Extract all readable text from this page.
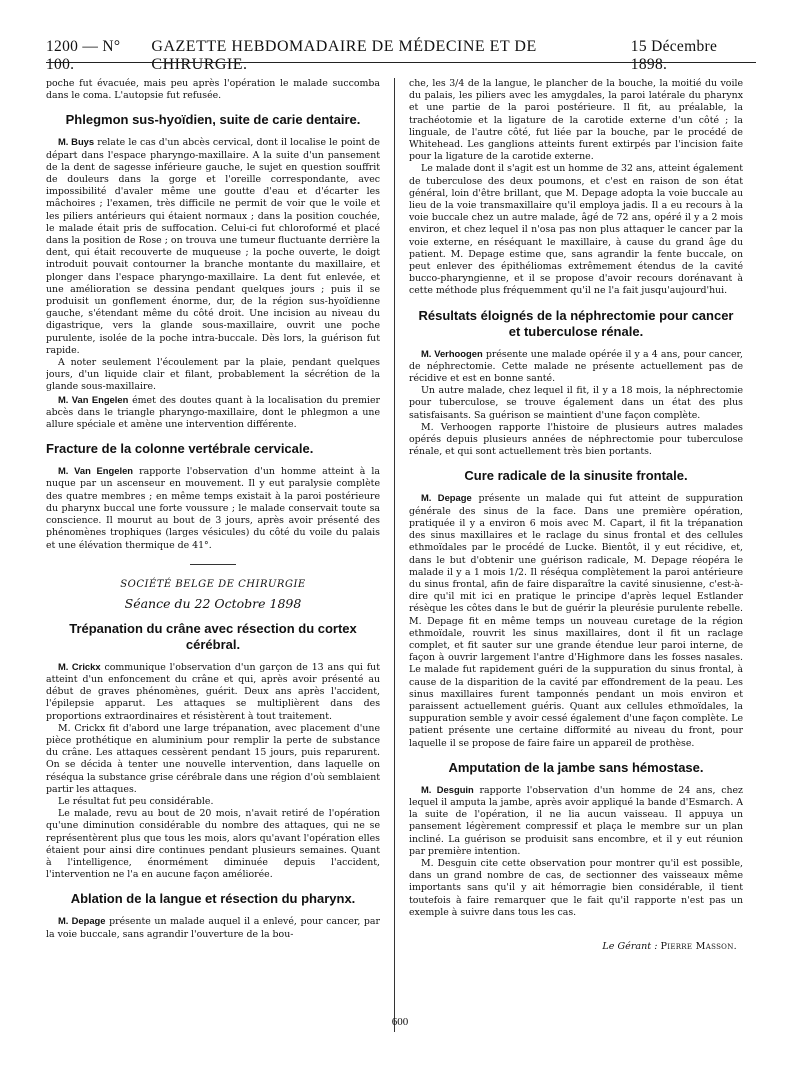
1200 — N° 100.
GAZETTE HEBDOMADAIRE DE MÉDECINE ET DE CHIRURGIE.
15 Décembre 1898.

poche fut évacuée, mais peu après l'opération le malade succomba dans le coma. L'autopsie fut refusée.

Phlegmon sus-hyoïdien, suite de carie dentaire.

M. Buys relate le cas d'un abcès cervical, dont il localise le point de départ dans l'espace pharyngo-maxillaire. A la suite d'un pansement de la dent de sagesse inférieure gauche, le sujet en question souffrit de douleurs dans la gorge et l'oreille correspondante, avec impossibilité d'avaler même une goutte d'eau et d'écarter les mâchoires ; l'examen, très difficile ne permit de voir que le voile et les piliers antérieurs qui étaient normaux ; dans la position couchée, le malade était pris de suffocation. Celui-ci fut chloroformé et placé dans la position de Rose ; on trouva une tumeur fluctuante derrière la dent, qui était recouverte de muqueuse ; la poche ouverte, le doigt introduit pouvait contourner la branche montante du maxillaire, et plonger dans l'espace pharyngo-maxillaire. La dent fut enlevée, et une amélioration se dessina pendant quelques jours ; puis il se produisit un gonflement énorme, dur, de la région sus-hyoïdienne gauche, s'étendant même du côté droit. Une incision au niveau du digastrique, vers la glande sous-maxillaire, ouvrit une poche purulente, isolée de la poche intra-buccale. Dès lors, la guérison fut rapide.

A noter seulement l'écoulement par la plaie, pendant quelques jours, d'un liquide clair et filant, probablement la sécrétion de la glande sous-maxillaire.

M. Van Engelen émet des doutes quant à la localisation du premier abcès dans le triangle pharyngo-maxillaire, dont le phlegmon a une allure spéciale et amène une intervention différente.

Fracture de la colonne vertébrale cervicale.

M. Van Engelen rapporte l'observation d'un homme atteint à la nuque par un ascenseur en mouvement. Il y eut paralysie complète des quatre membres ; en même temps existait à la paroi postérieure du pharynx buccal une forte voussure ; le malade conservait toute sa conscience. Il mourut au bout de 3 jours, après avoir présenté des phénomènes trophiques (larges vésicules) du côté du voile du palais et une élévation thermique de 41°.

SOCIÉTÉ BELGE DE CHIRURGIE
Séance du 22 Octobre 1898
Trépanation du crâne avec résection du cortex cérébral.

M. Crickx communique l'observation d'un garçon de 13 ans qui fut atteint d'un enfoncement du crâne et qui, après avoir présenté au début de graves phénomènes, guérit. Deux ans après l'accident, l'épilepsie apparut. Les attaques se multiplièrent dans des proportions extraordinaires et résistèrent à tout traitement.

M. Crickx fit d'abord une large trépanation, avec placement d'une pièce prothétique en aluminium pour remplir la perte de substance du crâne. Les attaques cessèrent pendant 15 jours, puis reparurent. On se décida à tenter une nouvelle intervention, dans laquelle on réséqua la substance grise cérébrale dans une région d'où semblaient partir les attaques.

Le résultat fut peu considérable.

Le malade, revu au bout de 20 mois, n'avait retiré de l'opération qu'une diminution considérable du nombre des attaques, qui ne se représentèrent plus que tous les mois, alors qu'avant l'opération elles étaient pour ainsi dire continues pendant plusieurs semaines. Quant à l'intelligence, énormément diminuée depuis l'accident, l'intervention ne l'a en aucune façon améliorée.

Ablation de la langue et résection du pharynx.

M. Depage présente un malade auquel il a enlevé, pour cancer, par la voie buccale, sans agrandir l'ouverture de la bou-

che, les 3/4 de la langue, le plancher de la bouche, la moitié du voile du palais, les piliers avec les amygdales, la paroi latérale du pharynx et une partie de la paroi postérieure. Il fit, au préalable, la trachéotomie et la ligature de la carotide externe d'un côté ; la linguale, de l'autre côté, fut liée par la bouche, par le procédé de Whitehead. Les ganglions atteints furent extirpés par l'incision faite pour la ligature de la carotide externe.

Le malade dont il s'agit est un homme de 32 ans, atteint également de tuberculose des deux poumons, et c'est en raison de son état général, loin d'être brillant, que M. Depage adopta la voie buccale au lieu de la voie transmaxillaire qu'il employa jadis. Il a eu recours à la voie buccale chez un autre malade, âgé de 72 ans, opéré il y a 2 mois environ, et chez lequel il n'osa pas non plus attaquer le cancer par la voie externe, en réséquant le maxillaire, à cause du grand âge du patient. M. Depage estime que, sans agrandir la fente buccale, on peut enlever des épithéliomas extrêmement étendus de la cavité bucco-pharyngienne, et il se propose d'avoir recours dorénavant à cette méthode plus fréquemment qu'il ne l'a fait jusqu'aujourd'hui.

Résultats éloignés de la néphrectomie pour cancer et tuberculose rénale.

M. Verhoogen présente une malade opérée il y a 4 ans, pour cancer, de néphrectomie. Cette malade ne présente actuellement pas de récidive et est en bonne santé.

Un autre malade, chez lequel il fit, il y a 18 mois, la néphrectomie pour tuberculose, se trouve également dans un état des plus satisfaisants. Sa guérison se maintient d'une façon complète.

M. Verhoogen rapporte l'histoire de plusieurs autres malades opérés depuis plusieurs années de néphrectomie pour tuberculose rénale, et qui sont actuellement très bien portants.

Cure radicale de la sinusite frontale.

M. Depage présente un malade qui fut atteint de suppuration générale des sinus de la face. Dans une première opération, pratiquée il y a environ 6 mois avec M. Capart, il fit la trépanation des sinus maxillaires et le raclage du sinus frontal et des cellules ethmoïdales par le procédé de Lucke. Bientôt, il y eut récidive, et, dans le but d'obtenir une guérison radicale, M. Depage réopéra le malade il y a 1 mois 1/2. Il réséqua complètement la paroi antérieure du sinus frontal, afin de faire disparaître la cavité sinusienne, c'est-à-dire qu'il mit ici en pratique le principe d'après lequel Estlander résèque les côtes dans le but de guérir la pleurésie purulente rebelle. M. Depage fit en même temps un nouveau curetage de la région ethmoïdale, rouvrit les sinus maxillaires, dont il fit un raclage complet, et fit sauter sur une grande étendue leur paroi interne, de façon à ouvrir largement l'antre d'Highmore dans les fosses nasales. Le malade fut rapidement guéri de la suppuration du sinus frontal, à cause de la disparition de la cavité par effondrement de la peau. Les sinus maxillaires furent tamponnés pendant un mois environ et paraissent actuellement guéris. Quant aux cellules ethmoïdales, la suppuration semble y avoir cessé également d'une façon complète. Le patient présente une certaine difformité au niveau du front, pour laquelle il se propose de faire faire un appareil de prothèse.

Amputation de la jambe sans hémostase.

M. Desguin rapporte l'observation d'un homme de 24 ans, chez lequel il amputa la jambe, après avoir appliqué la bande d'Esmarch. A la suite de l'opération, il ne lia aucun vaisseau. Il appuya un pansement légèrement compressif et plaça le membre sur un plan incliné. La guérison se produisit sans encombre, et il y eut réunion par première intention.

M. Desguin cite cette observation pour montrer qu'il est possible, dans un grand nombre de cas, de sectionner des vaisseaux même importants sans qu'il y ait hémorragie bien considérable, il tient toutefois à faire remarquer que le fait qu'il rapporte n'est pas un exemple à suivre dans tous les cas.

Le Gérant : Pierre Masson.
600
